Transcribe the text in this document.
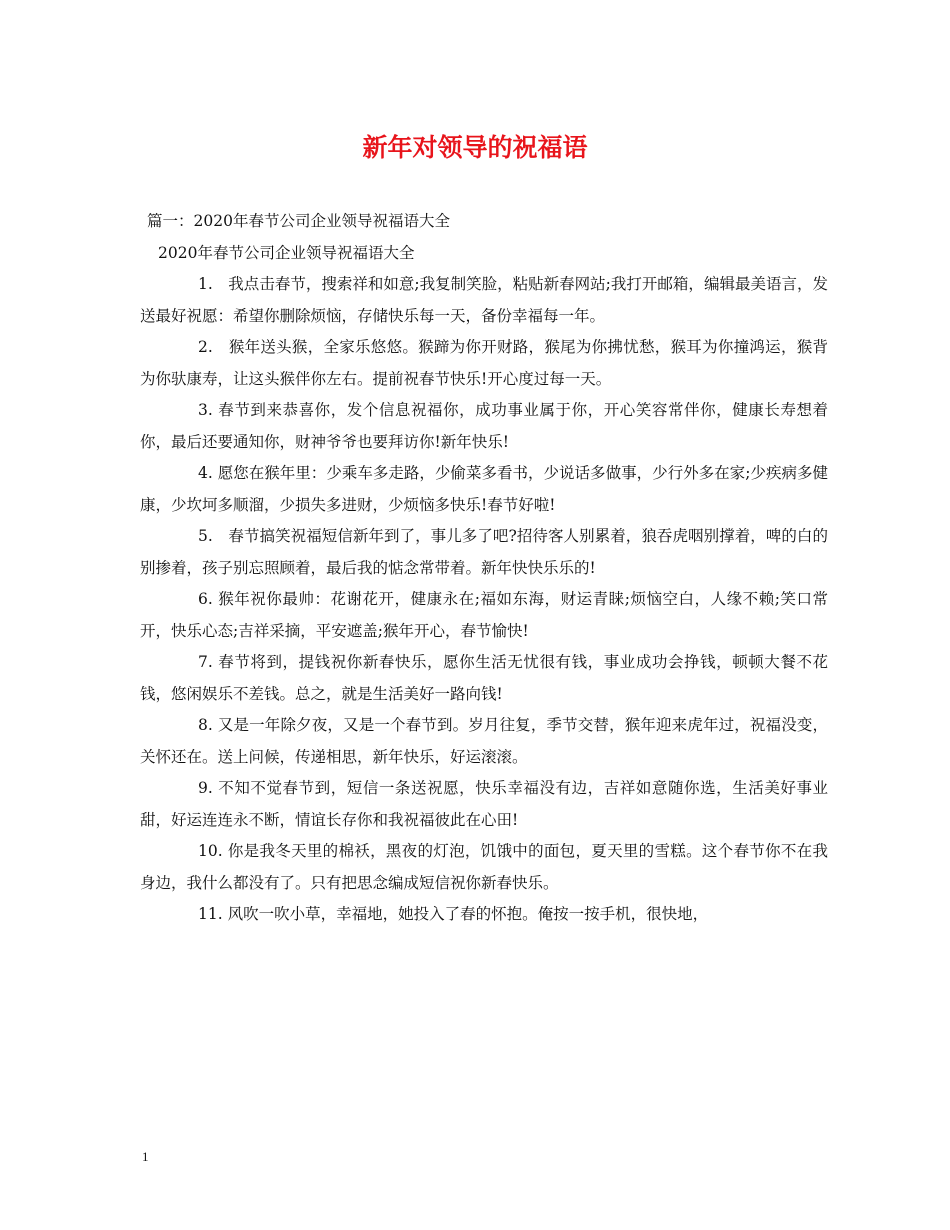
新年对领导的祝福语

篇一：2020年春节公司企业领导祝福语大全

2020年春节公司企业领导祝福语大全

1.　我点击春节，搜索祥和如意;我复制笑脸，粘贴新春网站;我打开邮箱，编辑最美语言，发送最好祝愿：希望你删除烦恼，存储快乐每一天，备份幸福每一年。

2.　猴年送头猴，全家乐悠悠。猴蹄为你开财路，猴尾为你拂忧愁，猴耳为你撞鸿运，猴背为你驮康寿，让这头猴伴你左右。提前祝春节快乐!开心度过每一天。

3. 春节到来恭喜你，发个信息祝福你，成功事业属于你，开心笑容常伴你，健康长寿想着你，最后还要通知你，财神爷爷也要拜访你!新年快乐!

4. 愿您在猴年里：少乘车多走路，少偷菜多看书，少说话多做事，少行外多在家;少疾病多健康，少坎坷多顺溜，少损失多进财，少烦恼多快乐!春节好啦!

5.　春节搞笑祝福短信新年到了，事儿多了吧?招待客人别累着，狼吞虎咽别撑着，啤的白的别掺着，孩子别忘照顾着，最后我的惦念常带着。新年快快乐乐的!

6. 猴年祝你最帅：花谢花开，健康永在;福如东海，财运青睐;烦恼空白，人缘不赖;笑口常开，快乐心态;吉祥采摘，平安遮盖;猴年开心，春节愉快!

7. 春节将到，提钱祝你新春快乐，愿你生活无忧很有钱，事业成功会挣钱，顿顿大餐不花钱，悠闲娱乐不差钱。总之，就是生活美好一路向钱!

8. 又是一年除夕夜，又是一个春节到。岁月往复，季节交替，猴年迎来虎年过，祝福没变，关怀还在。送上问候，传递相思，新年快乐，好运滚滚。

9. 不知不觉春节到，短信一条送祝愿，快乐幸福没有边，吉祥如意随你选，生活美好事业甜，好运连连永不断，情谊长存你和我祝福彼此在心田!

10. 你是我冬天里的棉袄，黑夜的灯泡，饥饿中的面包，夏天里的雪糕。这个春节你不在我身边，我什么都没有了。只有把思念编成短信祝你新春快乐。

11. 风吹一吹小草，幸福地，她投入了春的怀抱。俺按一按手机，很快地，

1
